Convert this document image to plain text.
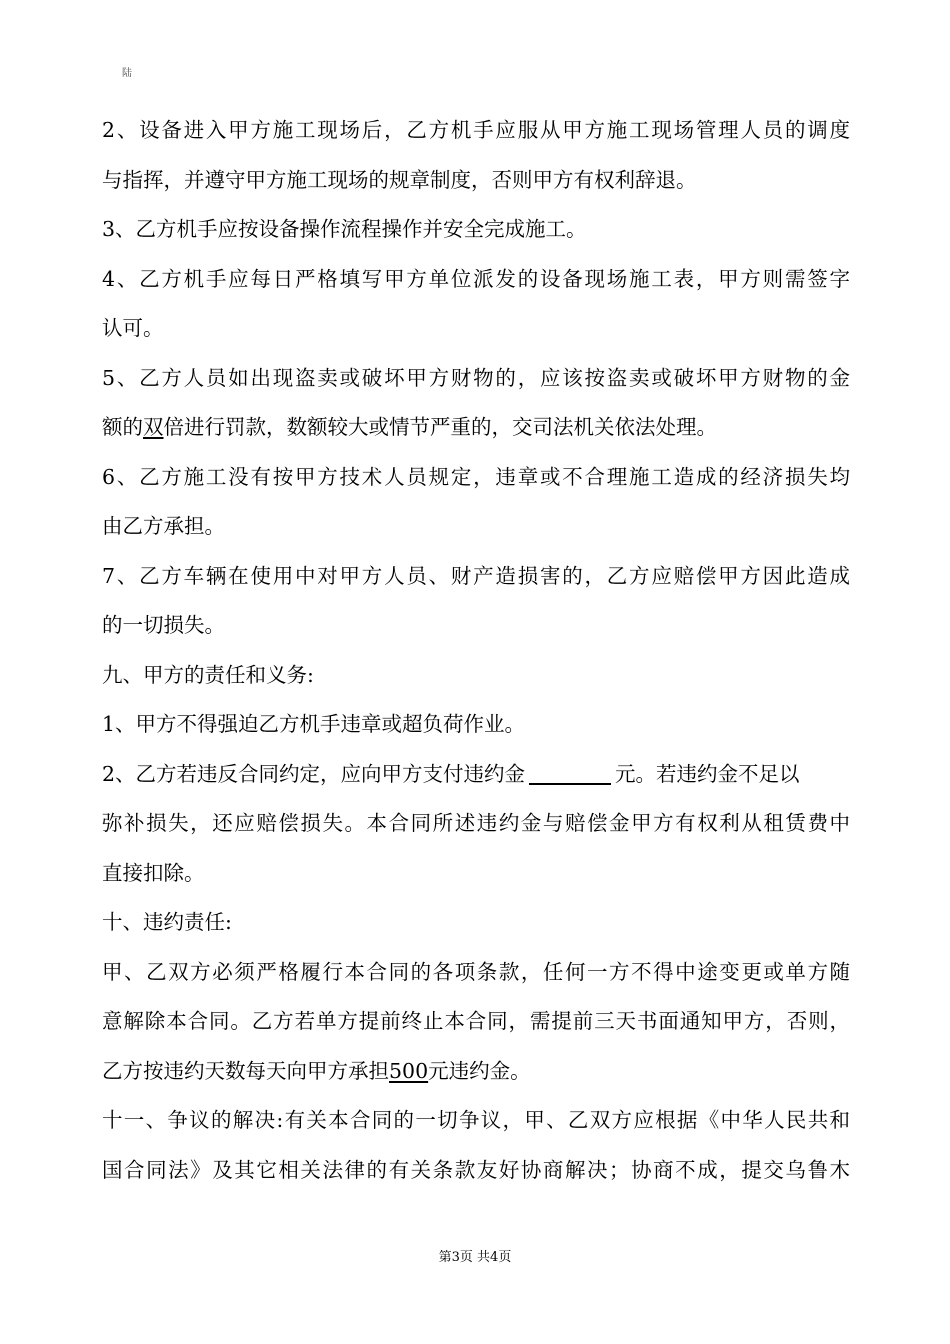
陆
2、设备进入甲方施工现场后，乙方机手应服从甲方施工现场管理人员的调度
与指挥，并遵守甲方施工现场的规章制度，否则甲方有权利辞退。
3、乙方机手应按设备操作流程操作并安全完成施工。
4、乙方机手应每日严格填写甲方单位派发的设备现场施工表，甲方则需签字
认可。
5、乙方人员如出现盗卖或破坏甲方财物的，应该按盗卖或破坏甲方财物的金
额的双倍进行罚款，数额较大或情节严重的，交司法机关依法处理。
6、乙方施工没有按甲方技术人员规定，违章或不合理施工造成的经济损失均
由乙方承担。
7、乙方车辆在使用中对甲方人员、财产造损害的，乙方应赔偿甲方因此造成
的一切损失。
九、甲方的责任和义务:
1、甲方不得强迫乙方机手违章或超负荷作业。
2、乙方若违反合同约定，应向甲方支付违约金	元。若违约金不足以
弥补损失，还应赔偿损失。本合同所述违约金与赔偿金甲方有权利从租赁费中
直接扣除。
十、违约责任:
甲、乙双方必须严格履行本合同的各项条款，任何一方不得中途变更或单方随
意解除本合同。乙方若单方提前终止本合同，需提前三天书面通知甲方，否则，
乙方按违约天数每天向甲方承担500元违约金。
十一、争议的解决:有关本合同的一切争议，甲、乙双方应根据《中华人民共和
国合同法》及其它相关法律的有关条款友好协商解决；协商不成，提交乌鲁木
第3页 共4页
